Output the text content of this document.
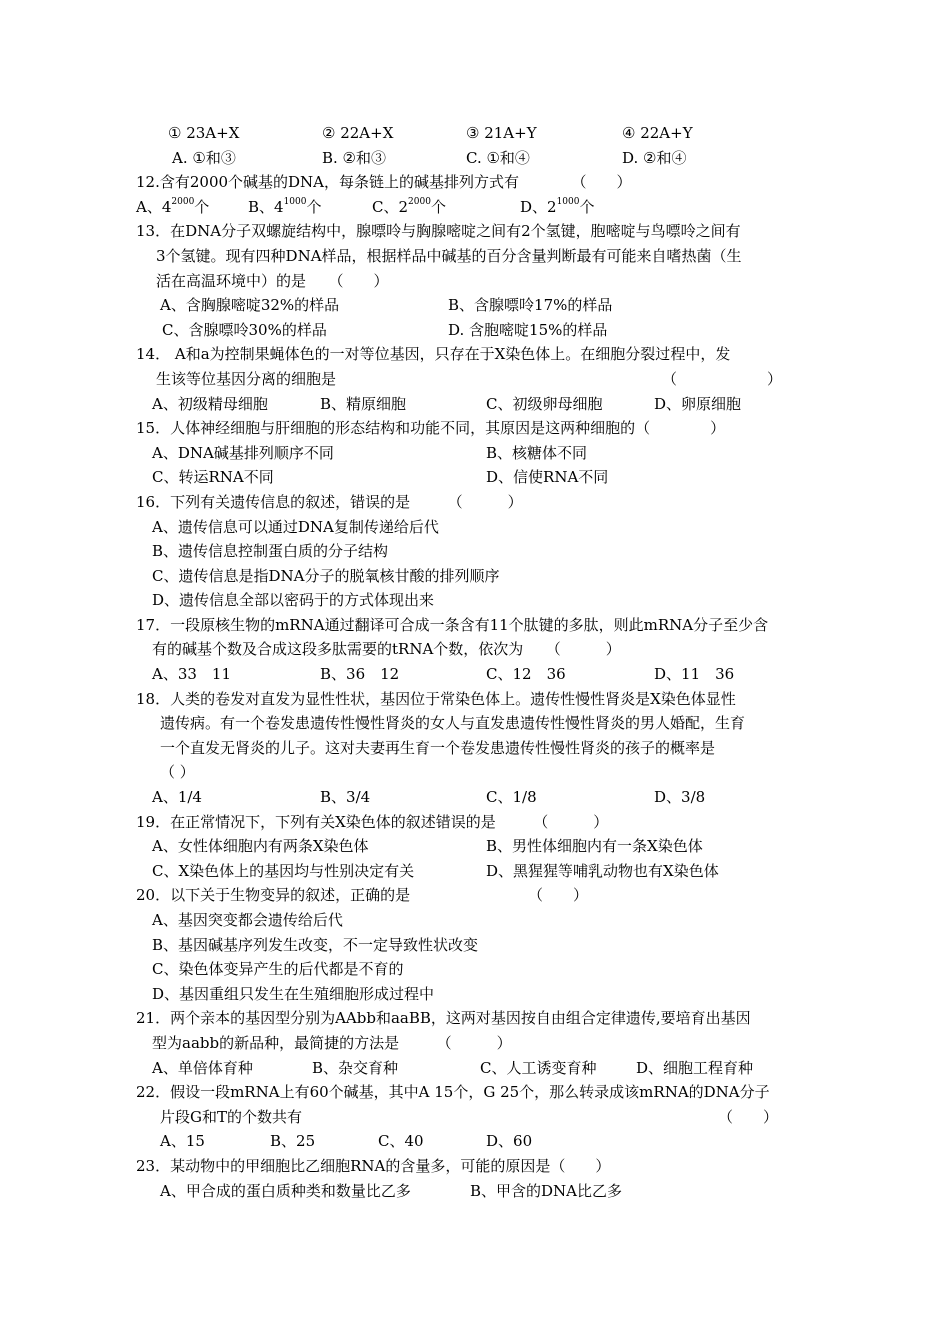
① 23A+X	② 22A+X	③ 21A+Y	④ 22A+Y
A. ①和③	B. ②和③	C. ①和④	D. ②和④
12.含有2000个碱基的DNA，每条链上的碱基排列方式有　　　　（　　）
A、$4^{2000}$个	B、$4^{1000}$个	C、$2^{2000}$个	D、$2^{1000}$个
13．在DNA分子双螺旋结构中，腺嘌呤与胸腺嘧啶之间有2个氢键，胞嘧啶与鸟嘌呤之间有
3个氢键。现有四种DNA样品，根据样品中碱基的百分含量判断最有可能来自嗜热菌（生
活在高温环境中）的是　　（　　）
A、含胸腺嘧啶32%的样品	B、含腺嘌呤17%的样品
C、含腺嘌呤30%的样品	D. 含胞嘧啶15%的样品
14． A和a为控制果蝇体色的一对等位基因，只存在于X染色体上。在细胞分裂过程中，发
生该等位基因分离的细胞是	（　　　　　　）
A、初级精母细胞	B、精原细胞	C、初级卵母细胞	D、卵原细胞
15．人体神经细胞与肝细胞的形态结构和功能不同，其原因是这两种细胞的（　　　　）
A、DNA碱基排列顺序不同	B、核糖体不同
C、转运RNA不同	D、信使RNA不同
16．下列有关遗传信息的叙述，错误的是　　　（　　　）
A、遗传信息可以通过DNA复制传递给后代
B、遗传信息控制蛋白质的分子结构
C、遗传信息是指DNA分子的脱氧核甘酸的排列顺序
D、遗传信息全部以密码于的方式体现出来
17．一段原核生物的mRNA通过翻译可合成一条含有11个肽键的多肽，则此mRNA分子至少含
有的碱基个数及合成这段多肽需要的tRNA个数，依次为　　（　　　）
A、33　11	B、36　12	C、12　36	D、11　36
18．人类的卷发对直发为显性性状，基因位于常染色体上。遗传性慢性肾炎是X染色体显性
遗传病。有一个卷发患遗传性慢性肾炎的女人与直发患遗传性慢性肾炎的男人婚配，生育
一个直发无肾炎的儿子。这对夫妻再生育一个卷发患遗传性慢性肾炎的孩子的概率是
（ ）
A、1/4	B、3/4	C、1/8	D、3/8
19．在正常情况下，下列有关X染色体的叙述错误的是　　　（　　　）
A、女性体细胞内有两条X染色体	B、男性体细胞内有一条X染色体
C、X染色体上的基因均与性别决定有关	D、黑猩猩等哺乳动物也有X染色体
20．以下关于生物变异的叙述，正确的是	（　　）
A、基因突变都会遗传给后代
B、基因碱基序列发生改变，不一定导致性状改变
C、染色体变异产生的后代都是不育的
D、基因重组只发生在生殖细胞形成过程中
21．两个亲本的基因型分别为AAbb和aaBB，这两对基因按自由组合定律遗传,要培育出基因
型为aabb的新品种，最简捷的方法是　　　（　　　）
A、单倍体育种	B、杂交育种	C、人工诱变育种	D、细胞工程育种
22．假设一段mRNA上有60个碱基，其中A 15个，G 25个，那么转录成该mRNA的DNA分子
片段G和T的个数共有	（　　）
A、15	B、25	C、40	D、60
23．某动物中的甲细胞比乙细胞RNA的含量多，可能的原因是（　　）
A、甲合成的蛋白质种类和数量比乙多	B、甲含的DNA比乙多
